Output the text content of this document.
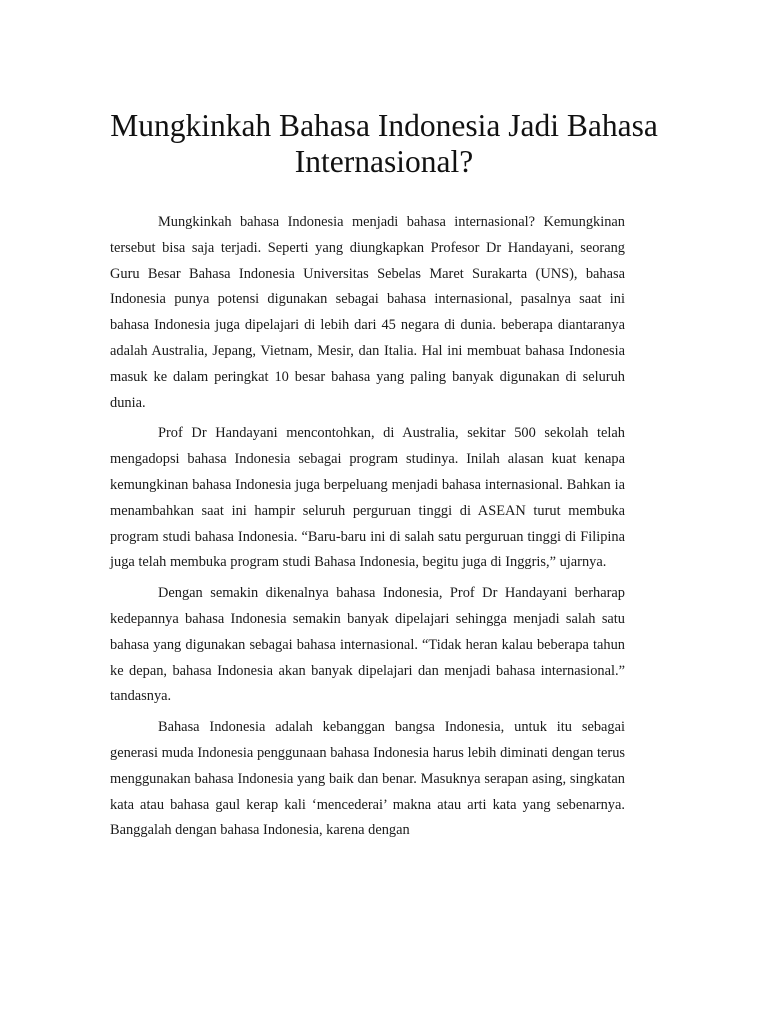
Mungkinkah Bahasa Indonesia Jadi Bahasa Internasional?

Mungkinkah bahasa Indonesia menjadi bahasa internasional? Kemungkinan tersebut bisa saja terjadi. Seperti yang diungkapkan Profesor Dr Handayani, seorang Guru Besar Bahasa Indonesia Universitas Sebelas Maret Surakarta (UNS), bahasa Indonesia punya potensi digunakan sebagai bahasa internasional, pasalnya saat ini bahasa Indonesia juga dipelajari di lebih dari 45 negara di dunia. beberapa diantaranya adalah Australia, Jepang, Vietnam, Mesir, dan Italia. Hal ini membuat bahasa Indonesia masuk ke dalam peringkat 10 besar bahasa yang paling banyak digunakan di seluruh dunia.

Prof Dr Handayani mencontohkan, di Australia, sekitar 500 sekolah telah mengadopsi bahasa Indonesia sebagai program studinya. Inilah alasan kuat kenapa kemungkinan bahasa Indonesia juga berpeluang menjadi bahasa internasional. Bahkan ia menambahkan saat ini hampir seluruh perguruan tinggi di ASEAN turut membuka program studi bahasa Indonesia. “Baru-baru ini di salah satu perguruan tinggi di Filipina juga telah membuka program studi Bahasa Indonesia, begitu juga di Inggris,” ujarnya.

Dengan semakin dikenalnya bahasa Indonesia, Prof Dr Handayani berharap kedepannya bahasa Indonesia semakin banyak dipelajari sehingga menjadi salah satu bahasa yang digunakan sebagai bahasa internasional. “Tidak heran kalau beberapa tahun ke depan, bahasa Indonesia akan banyak dipelajari dan menjadi bahasa internasional.” tandasnya.

Bahasa Indonesia adalah kebanggan bangsa Indonesia, untuk itu sebagai generasi muda Indonesia penggunaan bahasa Indonesia harus lebih diminati dengan terus menggunakan bahasa Indonesia yang baik dan benar. Masuknya serapan asing, singkatan kata atau bahasa gaul kerap kali ‘mencederai’ makna atau arti kata yang sebenarnya. Banggalah dengan bahasa Indonesia, karena dengan
